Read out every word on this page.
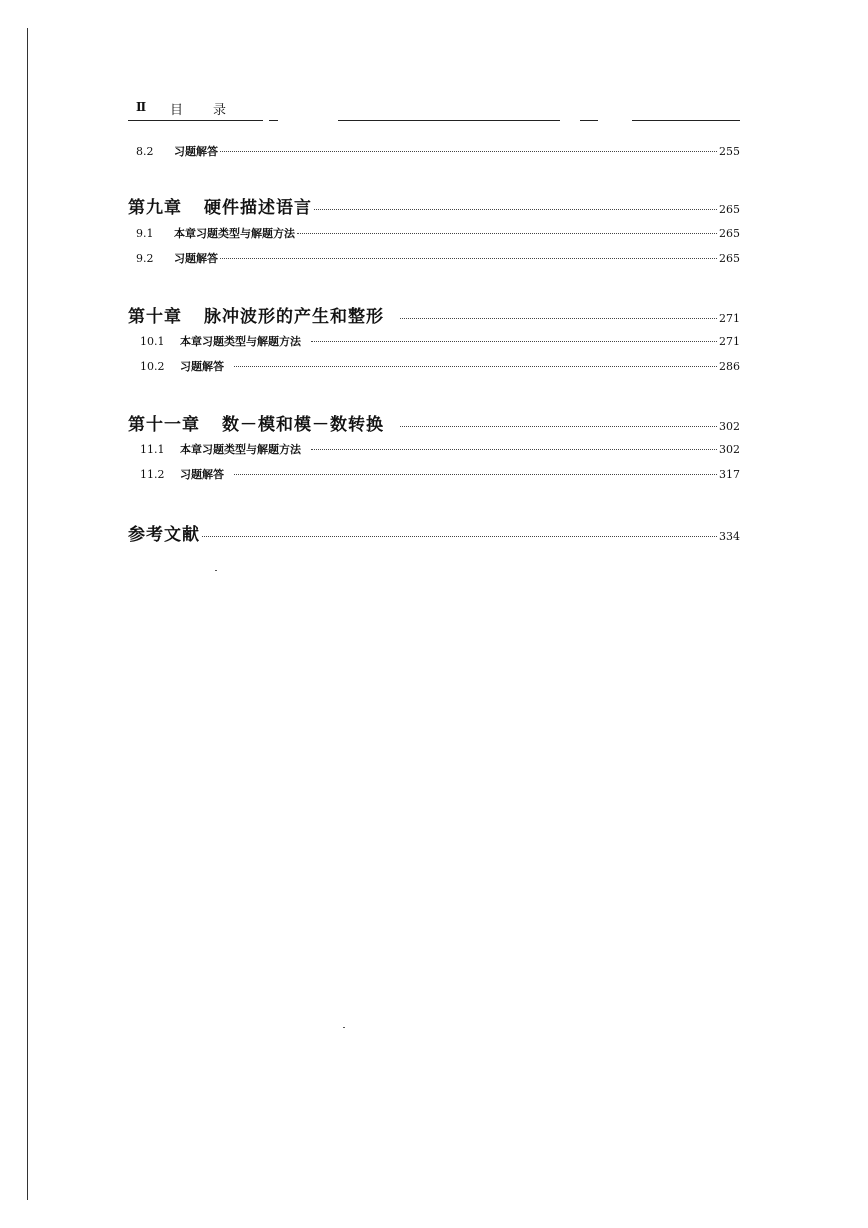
Ⅱ 目录
8.2	习题解答	255
第九章 硬件描述语言	265
9.1	本章习题类型与解题方法	265
9.2	习题解答	265
第十章 脉冲波形的产生和整形	271
10.1	本章习题类型与解题方法	271
10.2	习题解答	286
第十一章 数－模和模－数转换	302
11.1	本章习题类型与解题方法	302
11.2	习题解答	317
参考文献	334
